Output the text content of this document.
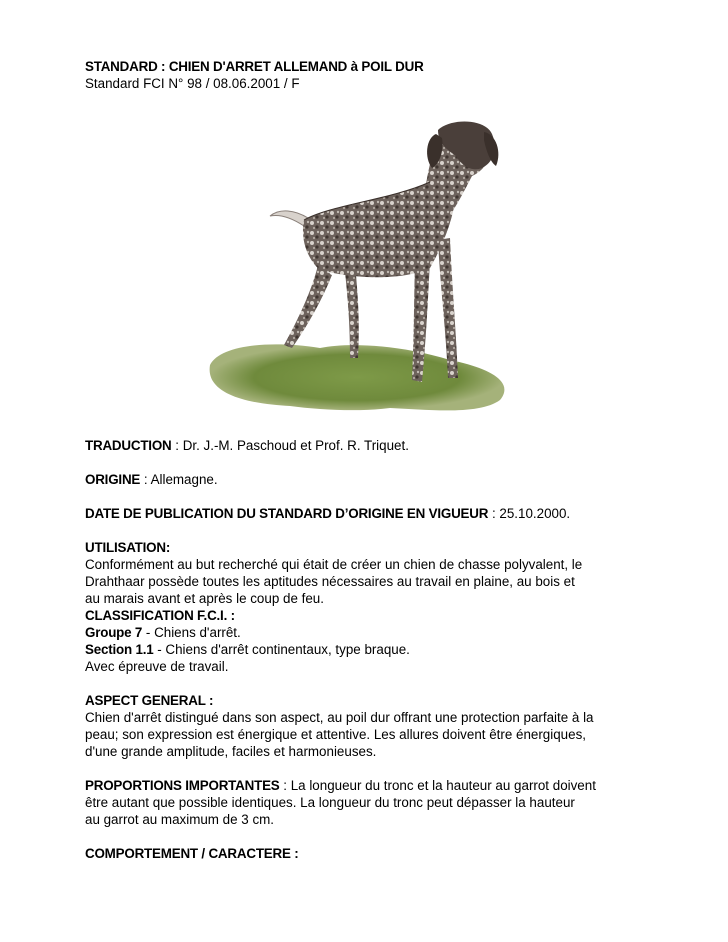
STANDARD : CHIEN D'ARRET ALLEMAND à POIL DUR
Standard FCI N° 98 / 08.06.2001 / F
TRADUCTION : Dr. J.-M. Paschoud et Prof. R. Triquet.
ORIGINE : Allemagne.
DATE DE PUBLICATION DU STANDARD D’ORIGINE EN VIGUEUR : 25.10.2000.
UTILISATION:
Conformément au but recherché qui était de créer un chien de chasse polyvalent, le
Drahthaar possède toutes les aptitudes nécessaires au travail en plaine, au bois et
au marais avant et après le coup de feu.
CLASSIFICATION F.C.I. :
Groupe 7 - Chiens d'arrêt.
Section 1.1 - Chiens d'arrêt continentaux, type braque.
Avec épreuve de travail.
ASPECT GENERAL :
Chien d'arrêt distingué dans son aspect, au poil dur offrant une protection parfaite à la
peau; son expression est énergique et attentive. Les allures doivent être énergiques,
d'une grande amplitude, faciles et harmonieuses.
PROPORTIONS IMPORTANTES : La longueur du tronc et la hauteur au garrot doivent
être autant que possible identiques. La longueur du tronc peut dépasser la hauteur
au garrot au maximum de 3 cm.
COMPORTEMENT / CARACTERE :
